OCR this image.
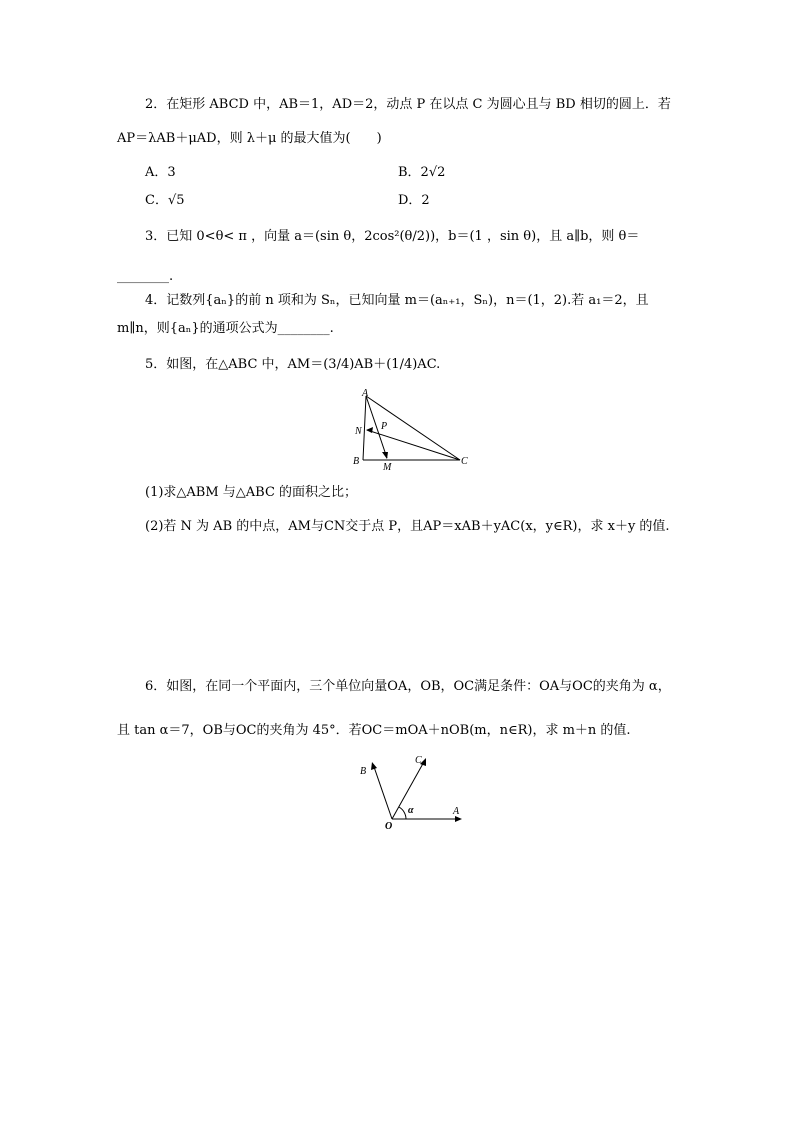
2．在矩形 ABCD 中，AB＝1，AD＝2，动点 P 在以点 C 为圆心且与 BD 相切的圆上．若
AP＝λAB＋μAD，则 λ＋μ 的最大值为(　　)
A．3	B．2√2
C．√5	D．2
3．已知 0<θ< π ，向量 a＝(sin θ，2cos²(θ/2))，b＝(1 ，sin θ)，且 a∥b，则 θ＝
________.
4．记数列{aₙ}的前 n 项和为 Sₙ，已知向量 m＝(aₙ₊₁，Sₙ)，n＝(1，2).若 a₁＝2，且
m∥n，则{aₙ}的通项公式为________.
5．如图，在△ABC 中，AM＝(3/4)AB＋(1/4)AC.
A
B	C
M
N P
(1)求△ABM 与△ABC 的面积之比；
(2)若 N 为 AB 的中点，AM与CN交于点 P，且AP＝xAB＋yAC(x，y∈R)，求 x＋y 的值.
6．如图，在同一个平面内，三个单位向量OA，OB，OC满足条件：OA与OC的夹角为 α，
且 tan α＝7，OB与OC的夹角为 45°．若OC＝mOA＋nOB(m，n∈R)，求 m＋n 的值.
O
A
B
C
α
